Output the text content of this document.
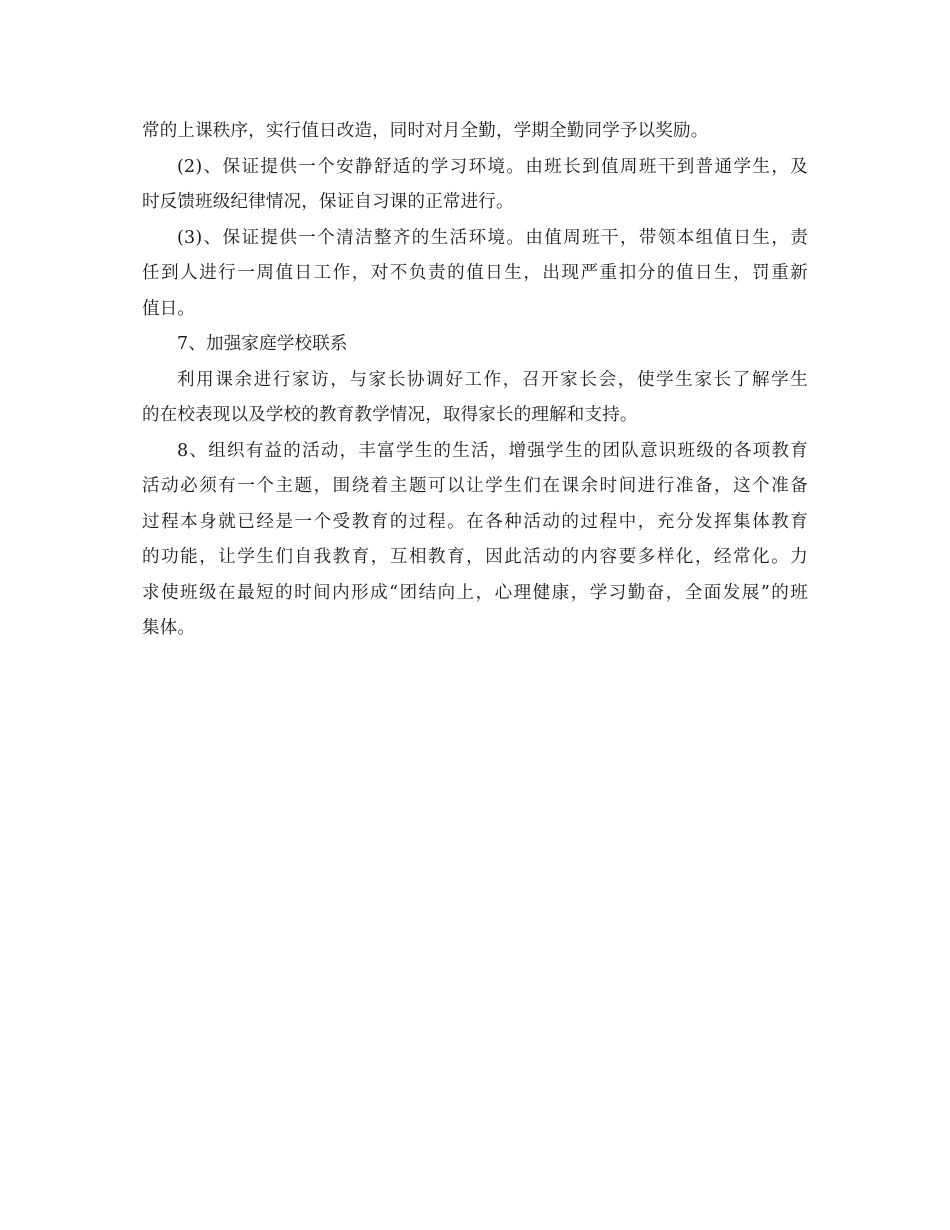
常的上课秩序，实行值日改造，同时对月全勤，学期全勤同学予以奖励。
(2)、保证提供一个安静舒适的学习环境。由班长到值周班干到普通学生，及
时反馈班级纪律情况，保证自习课的正常进行。
(3)、保证提供一个清洁整齐的生活环境。由值周班干，带领本组值日生，责
任到人进行一周值日工作，对不负责的值日生，出现严重扣分的值日生，罚重新
值日。
7、加强家庭学校联系
利用课余进行家访，与家长协调好工作，召开家长会，使学生家长了解学生
的在校表现以及学校的教育教学情况，取得家长的理解和支持。
8、组织有益的活动，丰富学生的生活，增强学生的团队意识班级的各项教育
活动必须有一个主题，围绕着主题可以让学生们在课余时间进行准备，这个准备
过程本身就已经是一个受教育的过程。在各种活动的过程中，充分发挥集体教育
的功能，让学生们自我教育，互相教育，因此活动的内容要多样化，经常化。力
求使班级在最短的时间内形成“团结向上，心理健康，学习勤奋，全面发展”的班
集体。
